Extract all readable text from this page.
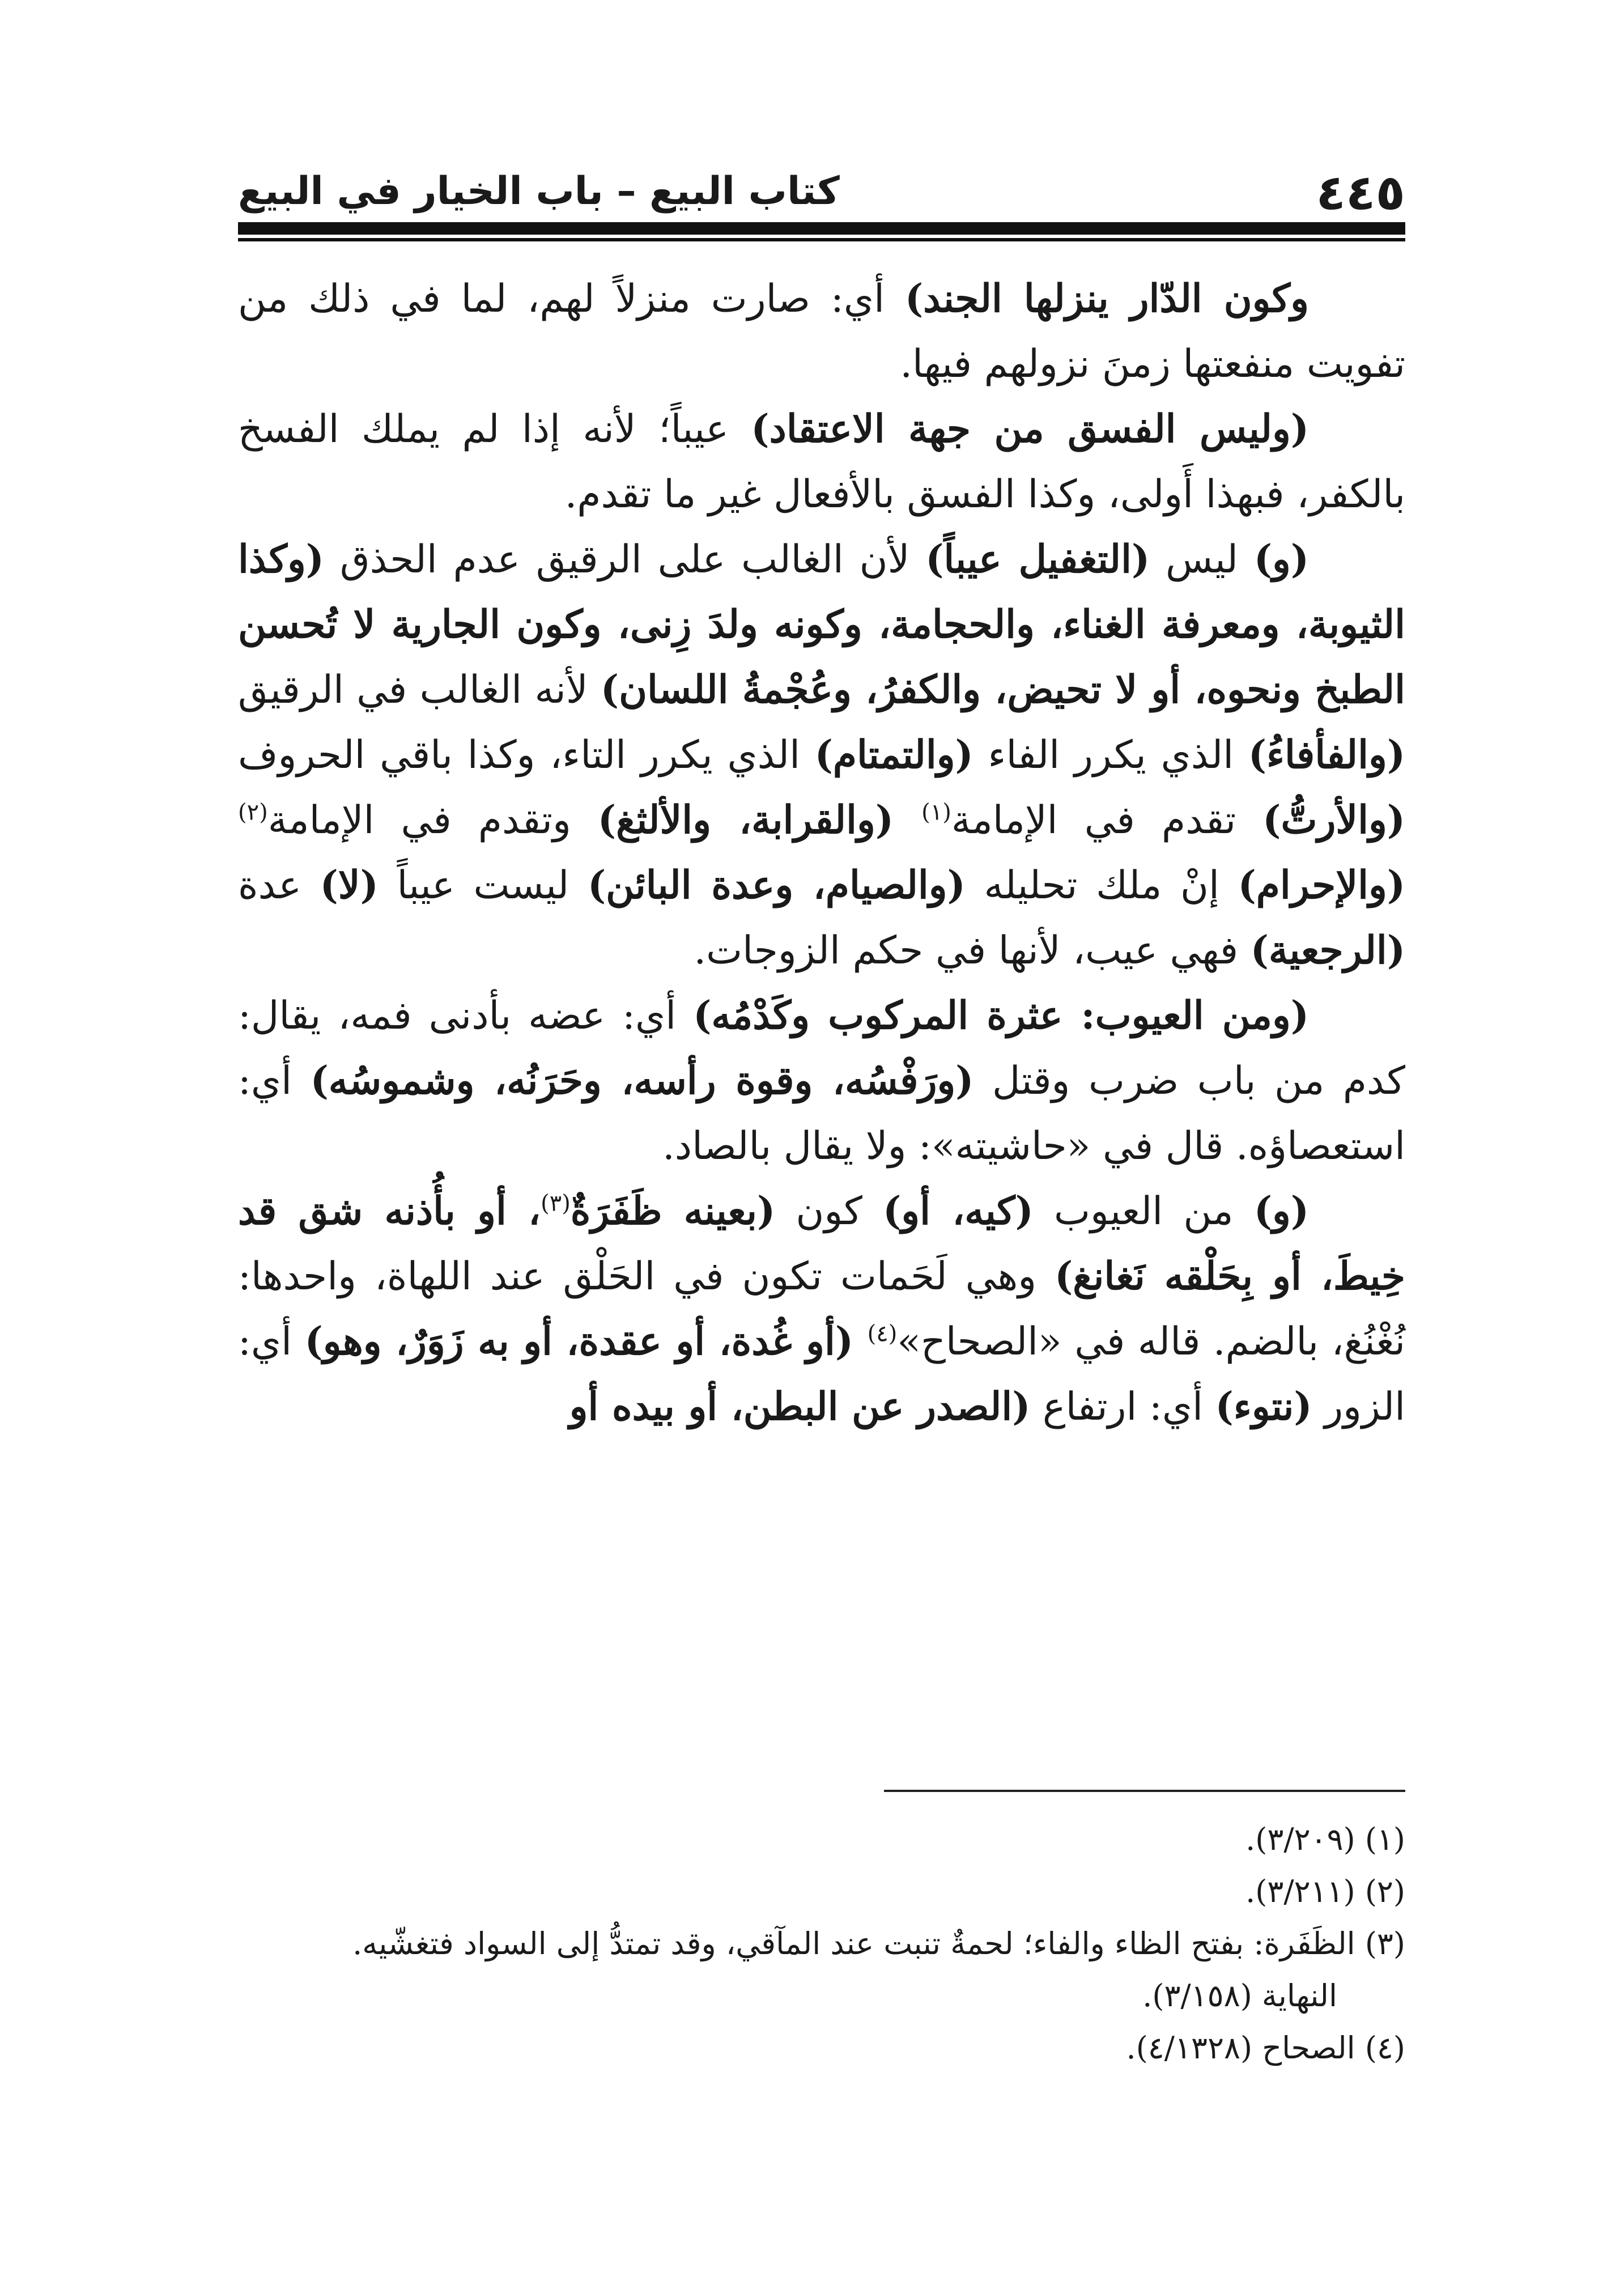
٤٤٥
كتاب البيع – باب الخيار في البيع

وكون الدّار ينزلها الجند) أي: صارت منزلاً لهم، لما في ذلك من تفويت منفعتها زمنَ نزولهم فيها.

(وليس الفسق من جهة الاعتقاد) عيباً؛ لأنه إذا لم يملك الفسخ بالكفر، فبهذا أَولى، وكذا الفسق بالأفعال غير ما تقدم.

(و) ليس (التغفيل عيباً) لأن الغالب على الرقيق عدم الحذق (وكذا الثيوبة، ومعرفة الغناء، والحجامة، وكونه ولدَ زِنى، وكون الجارية لا تُحسن الطبخ ونحوه، أو لا تحيض، والكفرُ، وعُجْمةُ اللسان) لأنه الغالب في الرقيق (والفأفاءُ) الذي يكرر الفاء (والتمتام) الذي يكرر التاء، وكذا باقي الحروف (والأرتُّ) تقدم في الإمامة$^{(١)}$ (والقرابة، والألثغ) وتقدم في الإمامة$^{(٢)}$ (والإحرام) إنْ ملك تحليله (والصيام، وعدة البائن) ليست عيباً (لا) عدة (الرجعية) فهي عيب، لأنها في حكم الزوجات.

(ومن العيوب: عثرة المركوب وكَدْمُه) أي: عضه بأدنى فمه، يقال: كدم من باب ضرب وقتل (ورَفْسُه، وقوة رأسه، وحَرَنُه، وشموسُه) أي: استعصاؤه. قال في «حاشيته»: ولا يقال بالصاد.

(و) من العيوب (كيه، أو) كون (بعينه ظَفَرَةٌ$^{(٣)}$، أو بأُذنه شق قد خِيطَ، أو بِحَلْقه نَغانغ) وهي لَحَمات تكون في الحَلْق عند اللهاة، واحدها: نُغْنُغ، بالضم. قاله في «الصحاح»$^{(٤)}$ (أو غُدة، أو عقدة، أو به زَوَرٌ، وهو) أي: الزور (نتوء) أي: ارتفاع (الصدر عن البطن، أو بيده أو

(١) (٣/٢٠٩).

(٢) (٣/٢١١).

(٣) الظَفَرة: بفتح الظاء والفاء؛ لحمةٌ تنبت عند المآقي، وقد تمتدُّ إلى السواد فتغشّيه.

النهاية (٣/١٥٨).

(٤) الصحاح (٤/١٣٢٨).
